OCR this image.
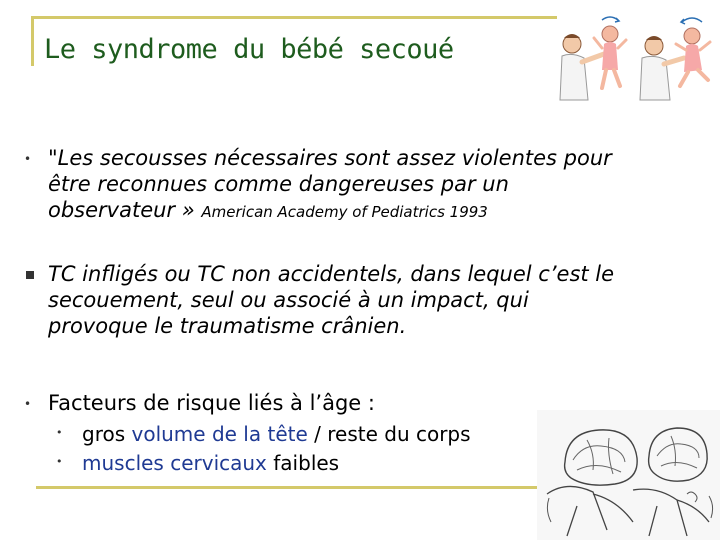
Le syndrome du bébé secoué
• "Les secousses nécessaires sont assez violentes pour
être reconnues comme dangereuses par un
observateur » American Academy of Pediatrics 1993
TC infligés ou TC non accidentels, dans lequel c’est le
secouement, seul ou associé à un impact, qui
provoque le traumatisme crânien.
• Facteurs de risque liés à l’âge :
• gros volume de la tête / reste du corps
• muscles cervicaux faibles
